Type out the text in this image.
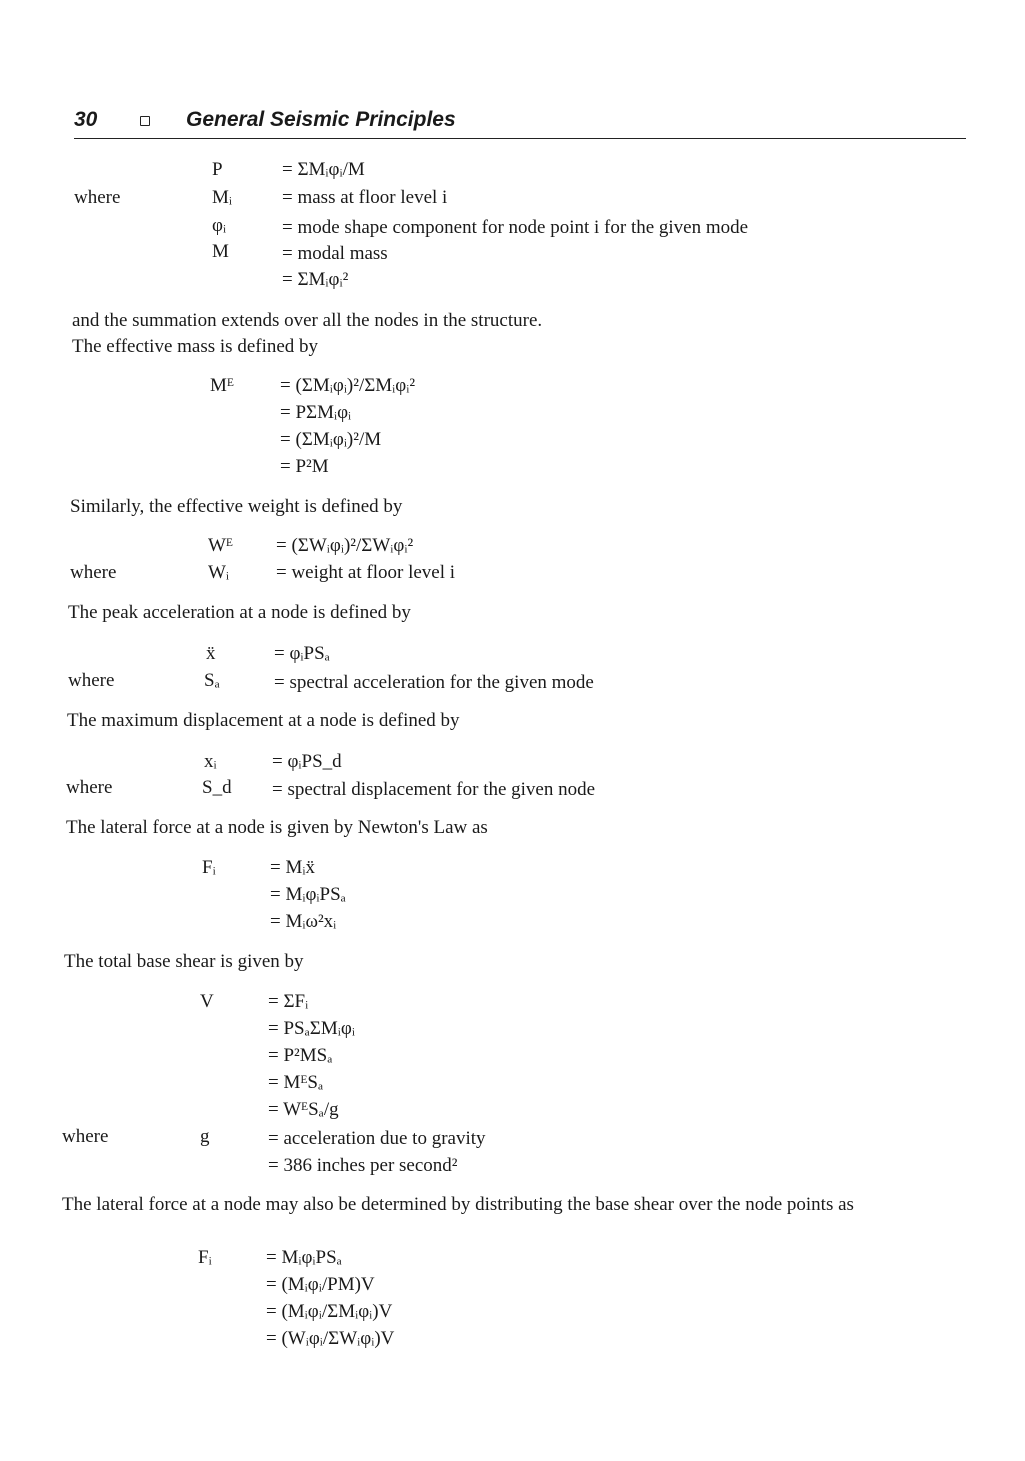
30	General Seismic Principles
where
P	= ΣMᵢφᵢ/M
Mᵢ	= mass at floor level i
φᵢ	= mode shape component for node point i for the given mode
M	= modal mass
= ΣMᵢφᵢ²
and the summation extends over all the nodes in the structure.
The effective mass is defined by
Mᴱ = (ΣMᵢφᵢ)²/ΣMᵢφᵢ²
= PΣMᵢφᵢ
= (ΣMᵢφᵢ)²/M
= P²M
Similarly, the effective weight is defined by
Wᴱ = (ΣWᵢφᵢ)²/ΣWᵢφᵢ²
where	Wᵢ = weight at floor level i
The peak acceleration at a node is defined by
ẍ	= φᵢPSₐ
where	Sₐ	= spectral acceleration for the given mode
The maximum displacement at a node is defined by
xᵢ	= φᵢPS_d
where	S_d = spectral displacement for the given node
The lateral force at a node is given by Newton's Law as
Fᵢ	= Mᵢẍ
= MᵢφᵢPSₐ
= Mᵢω²xᵢ
The total base shear is given by
V	= ΣFᵢ
= PSₐΣMᵢφᵢ
= P²MSₐ
= MᴱSₐ
= WᴱSₐ/g
where	g	= acceleration due to gravity
= 386 inches per second²
The lateral force at a node may also be determined by distributing the base shear over the node points as
Fᵢ	= MᵢφᵢPSₐ
= (Mᵢφᵢ/PM)V
= (Mᵢφᵢ/ΣMᵢφᵢ)V
= (Wᵢφᵢ/ΣWᵢφᵢ)V
